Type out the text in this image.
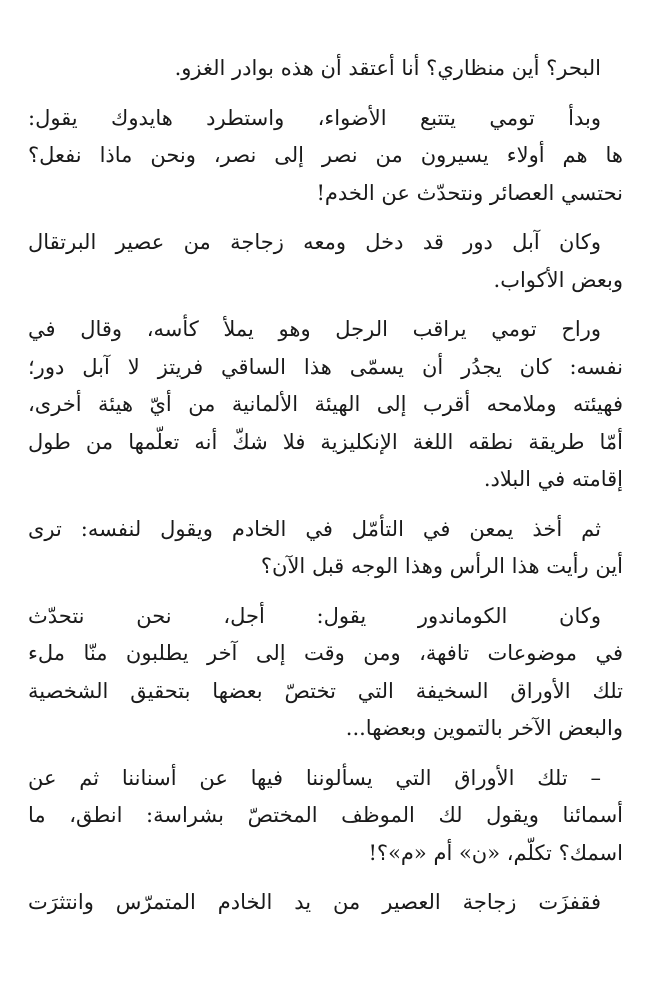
البحر؟ أين منظاري؟ أنا أعتقد أن هذه بوادر الغزو.
وبدأ تومي يتتبع الأضواء، واستطرد هايدوك يقول:
ها هم أولاء يسيرون من نصر إلى نصر، ونحن ماذا نفعل؟
نحتسي العصائر ونتحدّث عن الخدم!
وكان آبل دور قد دخل ومعه زجاجة من عصير البرتقال
وبعض الأكواب.
وراح تومي يراقب الرجل وهو يملأ كأسه، وقال في
نفسه: كان يجدُر أن يسمّى هذا الساقي فريتز لا آبل دور؛
فهيئته وملامحه أقرب إلى الهيئة الألمانية من أيّ هيئة أخرى،
أمّا طريقة نطقه اللغة الإنكليزية فلا شكّ أنه تعلّمها من طول
إقامته في البلاد.
ثم أخذ يمعن في التأمّل في الخادم ويقول لنفسه: ترى
أين رأيت هذا الرأس وهذا الوجه قبل الآن؟
وكان الكوماندور يقول: أجل، نحن نتحدّث
في موضوعات تافهة، ومن وقت إلى آخر يطلبون منّا ملء
تلك الأوراق السخيفة التي تختصّ بعضها بتحقيق الشخصية
والبعض الآخر بالتموين وبعضها...
– تلك الأوراق التي يسألوننا فيها عن أسناننا ثم عن
أسمائنا ويقول لك الموظف المختصّ بشراسة: انطق، ما
اسمك؟ تكلّم، «ن» أم «م»؟!
فقفزَت زجاجة العصير من يد الخادم المتمرّس وانتثرَت
